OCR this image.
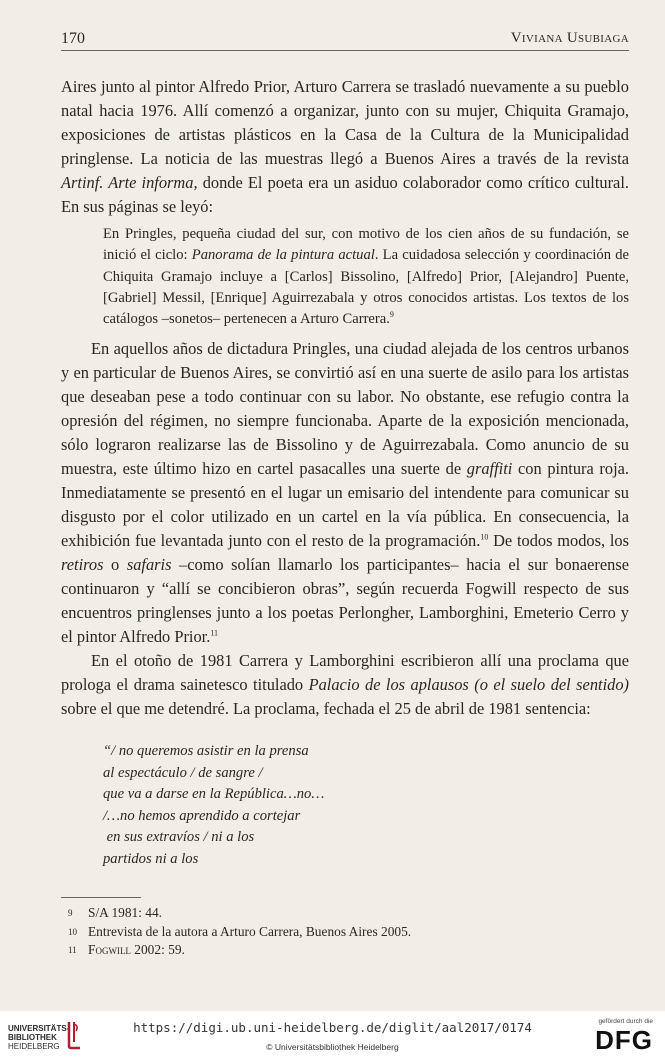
170	Viviana Usubiaga

Aires junto al pintor Alfredo Prior, Arturo Carrera se trasladó nuevamente a su pueblo natal hacia 1976. Allí comenzó a organizar, junto con su mujer, Chiquita Gramajo, exposiciones de artistas plásticos en la Casa de la Cultura de la Municipalidad pringlense. La noticia de las muestras llegó a Buenos Aires a través de la revista Artinf. Arte informa, donde El poeta era un asiduo colaborador como crítico cultural. En sus páginas se leyó:

En Pringles, pequeña ciudad del sur, con motivo de los cien años de su fundación, se inició el ciclo: Panorama de la pintura actual. La cuidadosa selección y coordinación de Chiquita Gramajo incluye a [Carlos] Bissolino, [Alfredo] Prior, [Alejandro] Puente, [Gabriel] Messil, [Enrique] Aguirrezabala y otros conocidos artistas. Los textos de los catálogos –sonetos– pertenecen a Arturo Carrera.$^9$

En aquellos años de dictadura Pringles, una ciudad alejada de los centros urbanos y en particular de Buenos Aires, se convirtió así en una suerte de asilo para los artistas que deseaban pese a todo continuar con su labor. No obstante, ese refugio contra la opresión del régimen, no siempre funcionaba. Aparte de la exposición mencionada, sólo lograron realizarse las de Bissolino y de Aguirrezabala. Como anuncio de su muestra, este último hizo en cartel pasacalles una suerte de graffiti con pintura roja. Inmediatamente se presentó en el lugar un emisario del intendente para comunicar su disgusto por el color utilizado en un cartel en la vía pública. En consecuencia, la exhibición fue levantada junto con el resto de la programación.$^{10}$ De todos modos, los retiros o safaris –como solían llamarlo los participantes– hacia el sur bonaerense continuaron y “allí se concibieron obras”, según recuerda Fogwill respecto de sus encuentros pringlenses junto a los poetas Perlongher, Lamborghini, Emeterio Cerro y el pintor Alfredo Prior.$^{11}$

En el otoño de 1981 Carrera y Lamborghini escribieron allí una proclama que prologa el drama sainetesco titulado Palacio de los aplausos (o el suelo del sentido) sobre el que me detendré. La proclama, fechada el 25 de abril de 1981 sentencia:

“/ no queremos asistir en la prensa
al espectáculo / de sangre /
que va a darse en la República…no…
/…no hemos aprendido a cortejar
en sus extravíos / ni a los
partidos ni a los
9 S/A 1981: 44.
10 Entrevista de la autora a Arturo Carrera, Buenos Aires 2005.
11 Fogwill 2002: 59.
UNIVERSITÄTS-
BIBLIOTHEK
HEIDELBERG
https://digi.ub.uni-heidelberg.de/diglit/aal2017/0174
© Universitätsbibliothek Heidelberg
gefördert durch die
DFG
